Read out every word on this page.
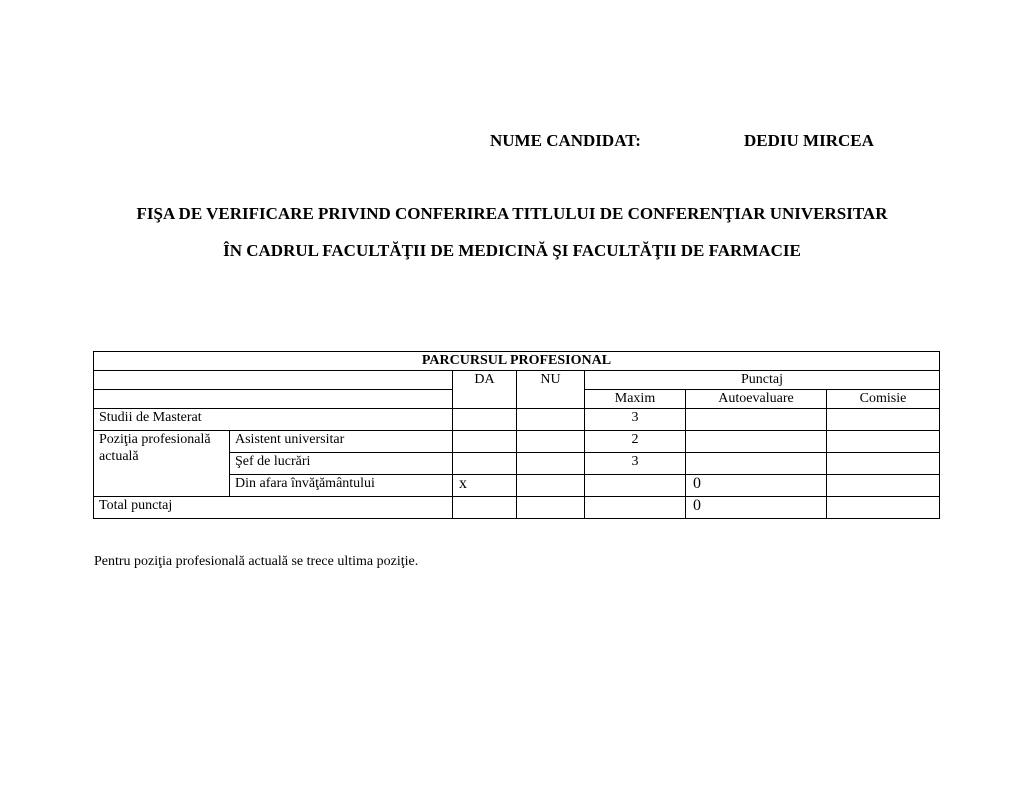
NUME CANDIDAT:	DEDIU MIRCEA
FIŞA DE VERIFICARE PRIVIND CONFERIREA TITLULUI DE CONFERENŢIAR UNIVERSITAR
ÎN CADRUL FACULTĂŢII DE MEDICINĂ ŞI FACULTĂŢII DE FARMACIE
PARCURSUL PROFESIONAL						
		DA	NU	Punctaj		
				Maxim	Autoevaluare	Comisie
Studii de Masterat				3		
Poziţia profesională actuală	Asistent universitar			2		
	Şef de lucrări			3		
	Din afara învăţământului	x			0	
Total punctaj					0	
Pentru poziţia profesională actuală se trece ultima poziţie.
